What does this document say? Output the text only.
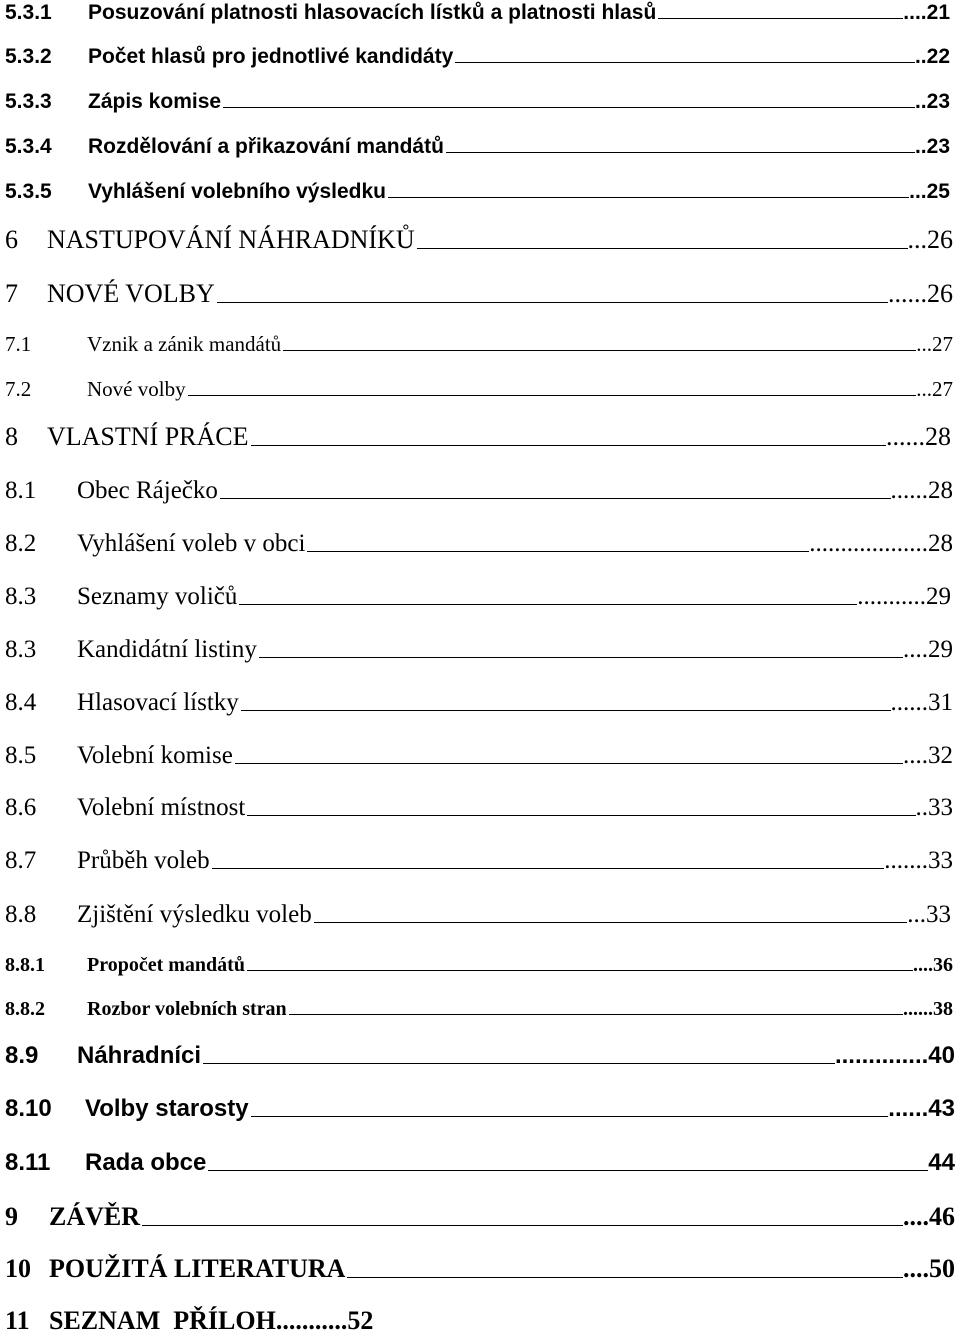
5.3.1	Posuzování platnosti hlasovacích lístků a platnosti hlasů	....21
5.3.2	Počet hlasů pro jednotlivé kandidáty	..22
5.3.3	Zápis komise	..23
5.3.4	Rozdělování a přikazování mandátů	..23
5.3.5	Vyhlášení volebního výsledku	...25
6	NASTUPOVÁNÍ NÁHRADNÍKŮ	...26
7	NOVÉ VOLBY	......26
7.1	Vznik a zánik mandátů	...27
7.2	Nové volby	...27
8	VLASTNÍ PRÁCE	......28
8.1	Obec Ráječko	......28
8.2	Vyhlášení voleb v obci	...................28
8.3	Seznamy voličů	...........29
8.3	Kandidátní listiny	....29
8.4	Hlasovací lístky	......31
8.5	Volební komise	....32
8.6	Volební místnost	..33
8.7	Průběh voleb	.......33
8.8	Zjištění výsledku voleb	...33
8.8.1	Propočet mandátů	....36
8.8.2	Rozbor volebních stran	......38
8.9	Náhradníci	..............40
8.10	Volby starosty	......43
8.11	Rada obce	44
9	ZÁVĚR	....46
10 POUŽITÁ LITERATURA	....50
11 SEZNAM  PŘÍLOH ...........52
